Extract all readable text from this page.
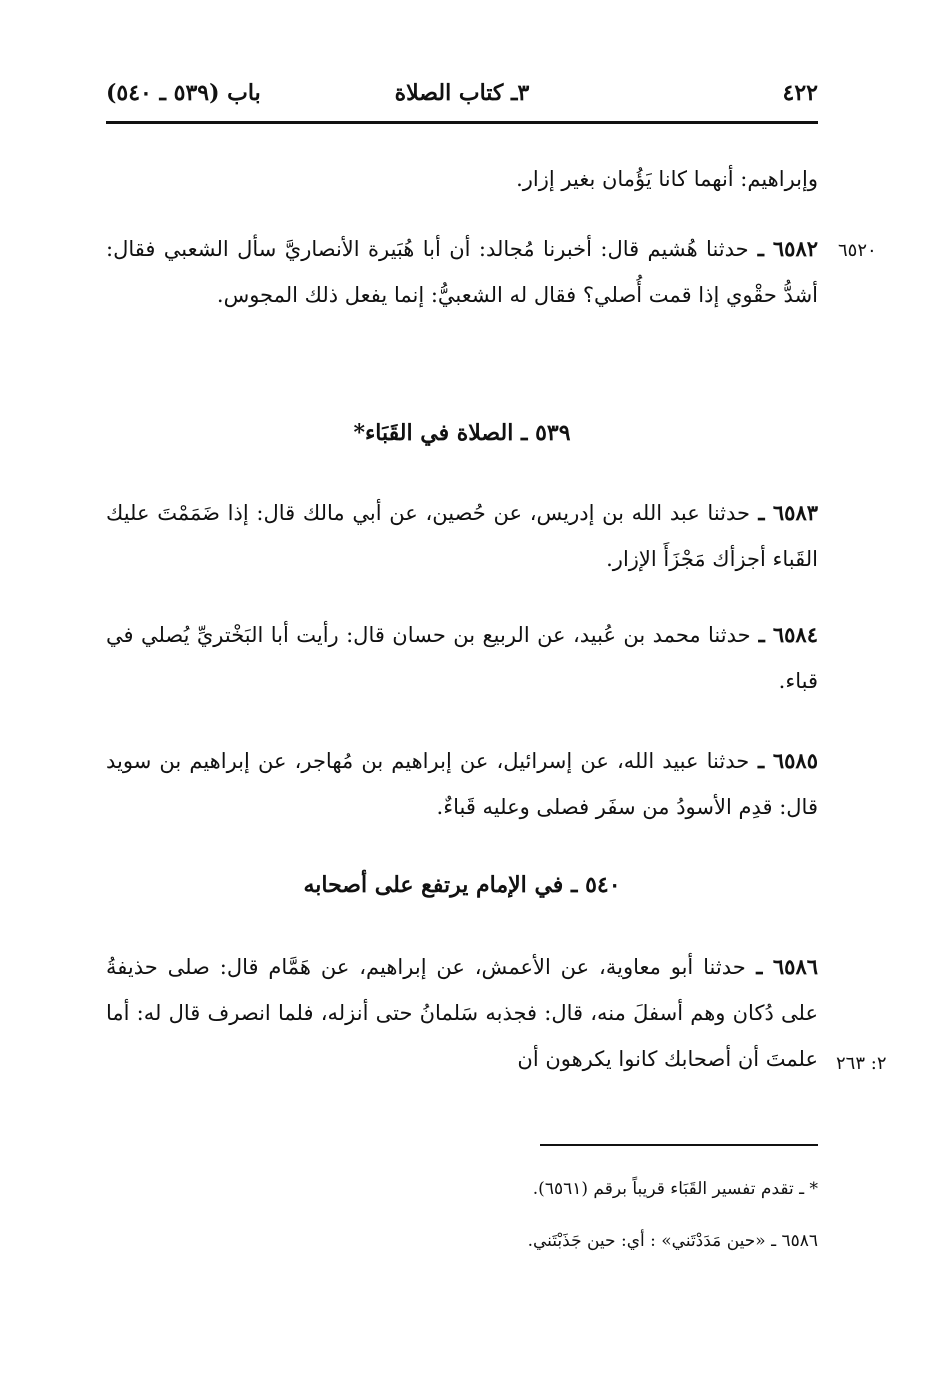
٤٢٢
٣ـ كتاب الصلاة
باب (٥٣٩ ـ ٥٤٠)
وإبراهيم: أنهما كانا يَؤُمان بغير إزار.
٦٥٨٢ ـ حدثنا هُشيم قال: أخبرنا مُجالد: أن أبا هُبَيرة الأنصاريَّ سأل الشعبي فقال: أشدُّ حقْوي إذا قمت أُصلي؟ فقال له الشعبيُّ: إنما يفعل ذلك المجوس.
٦٥٢٠
٥٣٩ ـ الصلاة في القَبَاء*
٦٥٨٣ ـ حدثنا عبد الله بن إدريس، عن حُصين، عن أبي مالك قال: إذا ضَمَمْتَ عليك القَباء أجزأك مَجْزَأَ الإزار.
٦٥٨٤ ـ حدثنا محمد بن عُبيد، عن الربيع بن حسان قال: رأيت أبا البَخْتريِّ يُصلي في قباء.
٦٥٨٥ ـ حدثنا عبيد الله، عن إسرائيل، عن إبراهيم بن مُهاجر، عن إبراهيم بن سويد قال: قدِم الأسودُ من سفَر فصلى وعليه قَباءٌ.
٥٤٠ ـ في الإمام يرتفع على أصحابه
٦٥٨٦ ـ حدثنا أبو معاوية، عن الأعمش، عن إبراهيم، عن هَمَّام قال: صلى حذيفةُ على دُكان وهم أسفلَ منه، قال: فجذبه سَلمانُ حتى أنزله، فلما انصرف قال له: أما علمتَ أن أصحابك كانوا يكرهون أن ٢: ٢٦٣
* ـ تقدم تفسير القَبَاء قريباً برقم (٦٥٦١).
٦٥٨٦ ـ «حين مَدَدْتَني» : أي: حين جَذَبْتَني.
